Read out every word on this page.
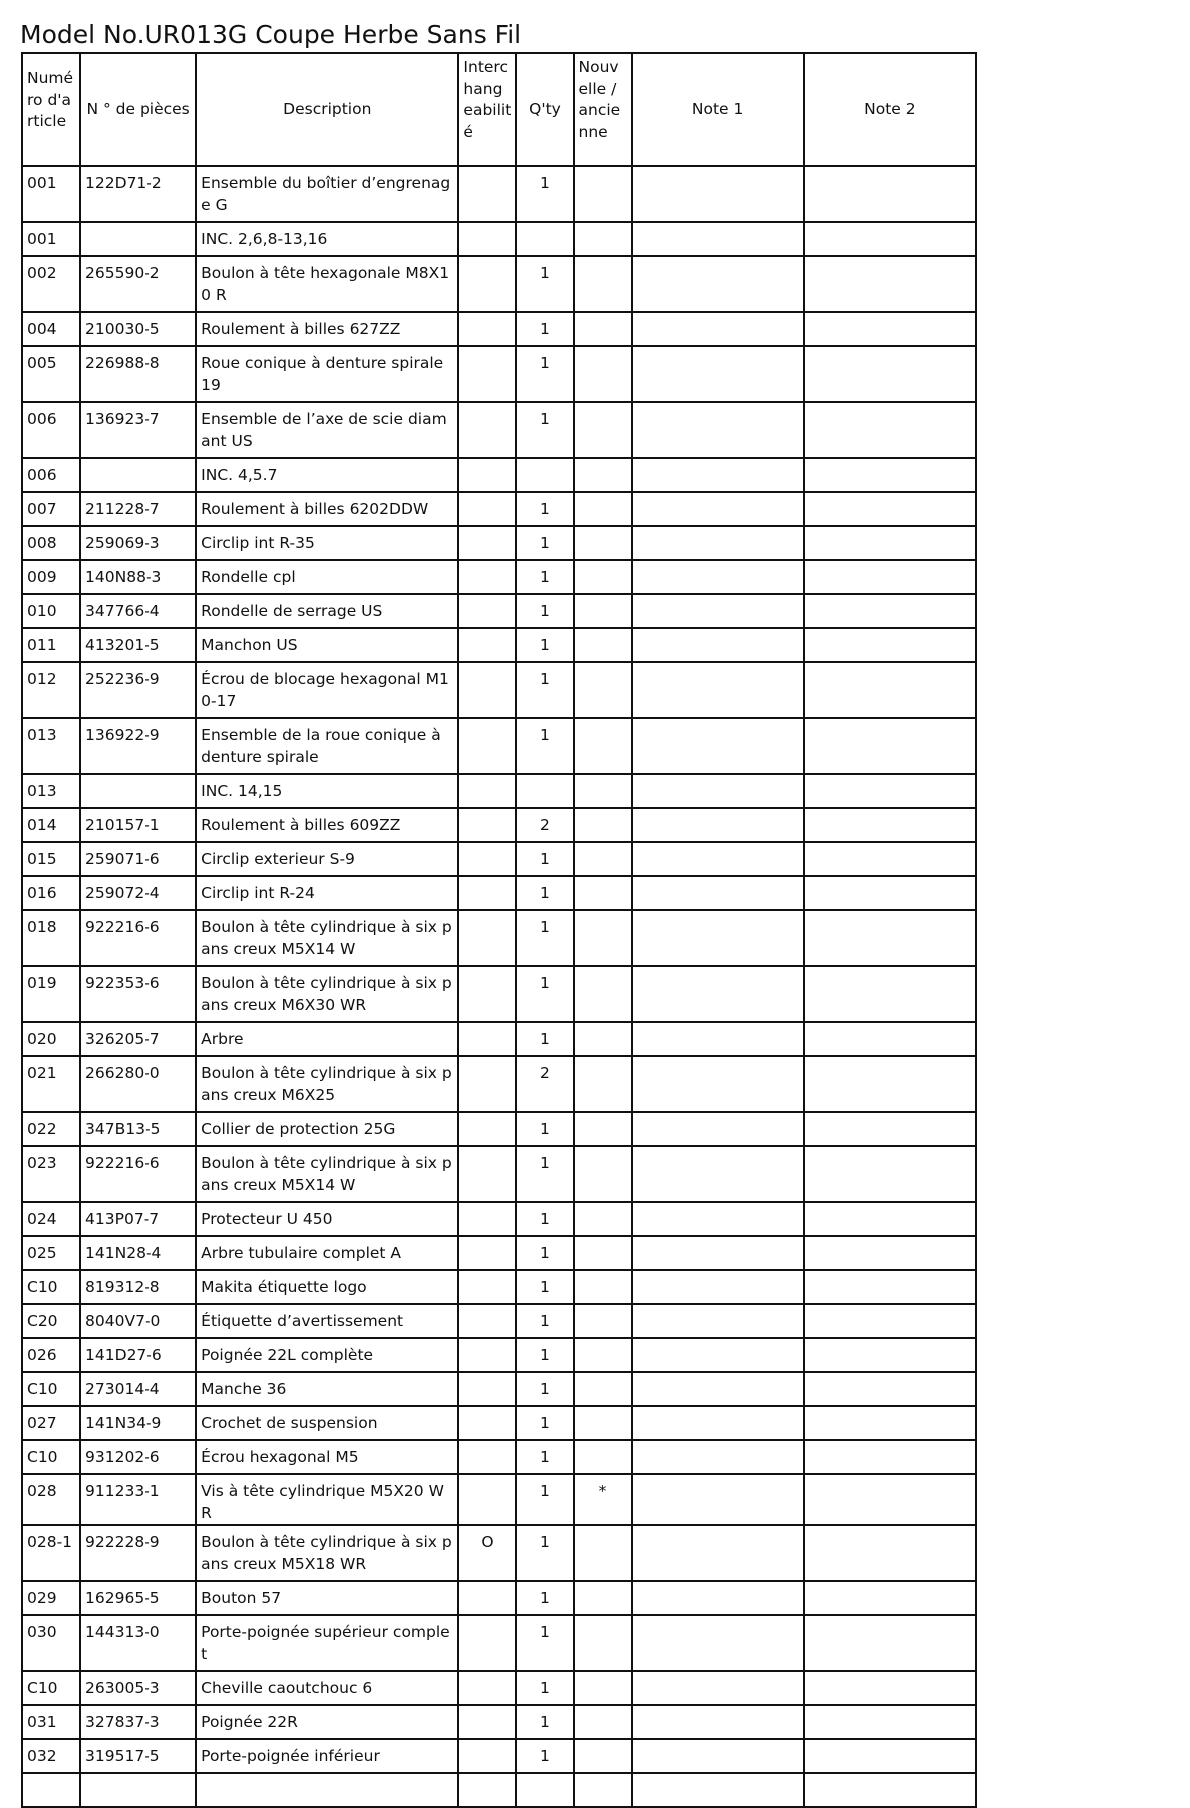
Model No.UR013G Coupe Herbe Sans Fil
Numéro d'article	N ° de pièces	Description	Interchangeabilité	Q'ty	Nouvelle / ancienne	Note 1	Note 2
001	122D71-2	Ensemble du boîtier d’engrenage G		1			
001		INC. 2,6,8-13,16					
002	265590-2	Boulon à tête hexagonale M8X10 R		1			
004	210030-5	Roulement à billes 627ZZ		1			
005	226988-8	Roue conique à denture spirale 19		1			
006	136923-7	Ensemble de l’axe de scie diamant US		1			
006		INC. 4,5.7					
007	211228-7	Roulement à billes 6202DDW		1			
008	259069-3	Circlip int R-35		1			
009	140N88-3	Rondelle cpl		1			
010	347766-4	Rondelle de serrage US		1			
011	413201-5	Manchon US		1			
012	252236-9	Écrou de blocage hexagonal M10-17		1			
013	136922-9	Ensemble de la roue conique à denture spirale		1			
013		INC. 14,15					
014	210157-1	Roulement à billes 609ZZ		2			
015	259071-6	Circlip exterieur S-9		1			
016	259072-4	Circlip int R-24		1			
018	922216-6	Boulon à tête cylindrique à six pans creux M5X14 W		1			
019	922353-6	Boulon à tête cylindrique à six pans creux M6X30 WR		1			
020	326205-7	Arbre		1			
021	266280-0	Boulon à tête cylindrique à six pans creux M6X25		2			
022	347B13-5	Collier de protection 25G		1			
023	922216-6	Boulon à tête cylindrique à six pans creux M5X14 W		1			
024	413P07-7	Protecteur U 450		1			
025	141N28-4	Arbre tubulaire complet A		1			
C10	819312-8	Makita étiquette logo		1			
C20	8040V7-0	Étiquette d’avertissement		1			
026	141D27-6	Poignée 22L complète		1			
C10	273014-4	Manche 36		1			
027	141N34-9	Crochet de suspension		1			
C10	931202-6	Écrou hexagonal M5		1			
028	911233-1	Vis à tête cylindrique M5X20 WR		1	*		
028-1	922228-9	Boulon à tête cylindrique à six pans creux M5X18 WR	O	1			
029	162965-5	Bouton 57		1			
030	144313-0	Porte-poignée supérieur complet		1			
C10	263005-3	Cheville caoutchouc 6		1			
031	327837-3	Poignée 22R		1			
032	319517-5	Porte-poignée inférieur		1			
